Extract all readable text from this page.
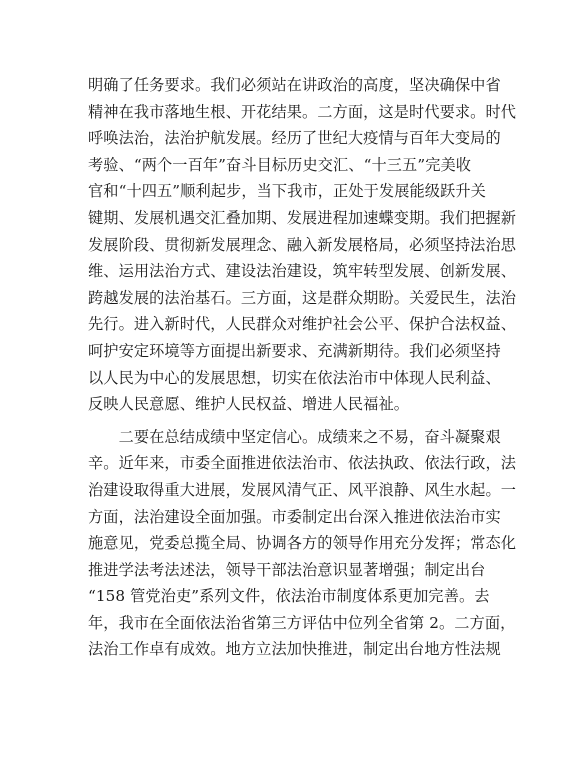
明确了任务要求。我们必须站在讲政治的高度，坚决确保中省
精神在我市落地生根、开花结果。二方面，这是时代要求。时代
呼唤法治，法治护航发展。经历了世纪大疫情与百年大变局的
考验、“两个一百年”奋斗目标历史交汇、“十三五”完美收
官和“十四五”顺利起步，当下我市，正处于发展能级跃升关
键期、发展机遇交汇叠加期、发展进程加速蝶变期。我们把握新
发展阶段、贯彻新发展理念、融入新发展格局，必须坚持法治思
维、运用法治方式、建设法治建设，筑牢转型发展、创新发展、
跨越发展的法治基石。三方面，这是群众期盼。关爱民生，法治
先行。进入新时代，人民群众对维护社会公平、保护合法权益、
呵护安定环境等方面提出新要求、充满新期待。我们必须坚持
以人民为中心的发展思想，切实在依法治市中体现人民利益、
反映人民意愿、维护人民权益、增进人民福祉。
　　二要在总结成绩中坚定信心。成绩来之不易，奋斗凝聚艰
辛。近年来，市委全面推进依法治市、依法执政、依法行政，法
治建设取得重大进展，发展风清气正、风平浪静、风生水起。一
方面，法治建设全面加强。市委制定出台深入推进依法治市实
施意见，党委总揽全局、协调各方的领导作用充分发挥；常态化
推进学法考法述法，领导干部法治意识显著增强；制定出台
“158 管党治吏”系列文件，依法治市制度体系更加完善。去
年，我市在全面依法治省第三方评估中位列全省第 2。二方面，
法治工作卓有成效。地方立法加快推进，制定出台地方性法规
